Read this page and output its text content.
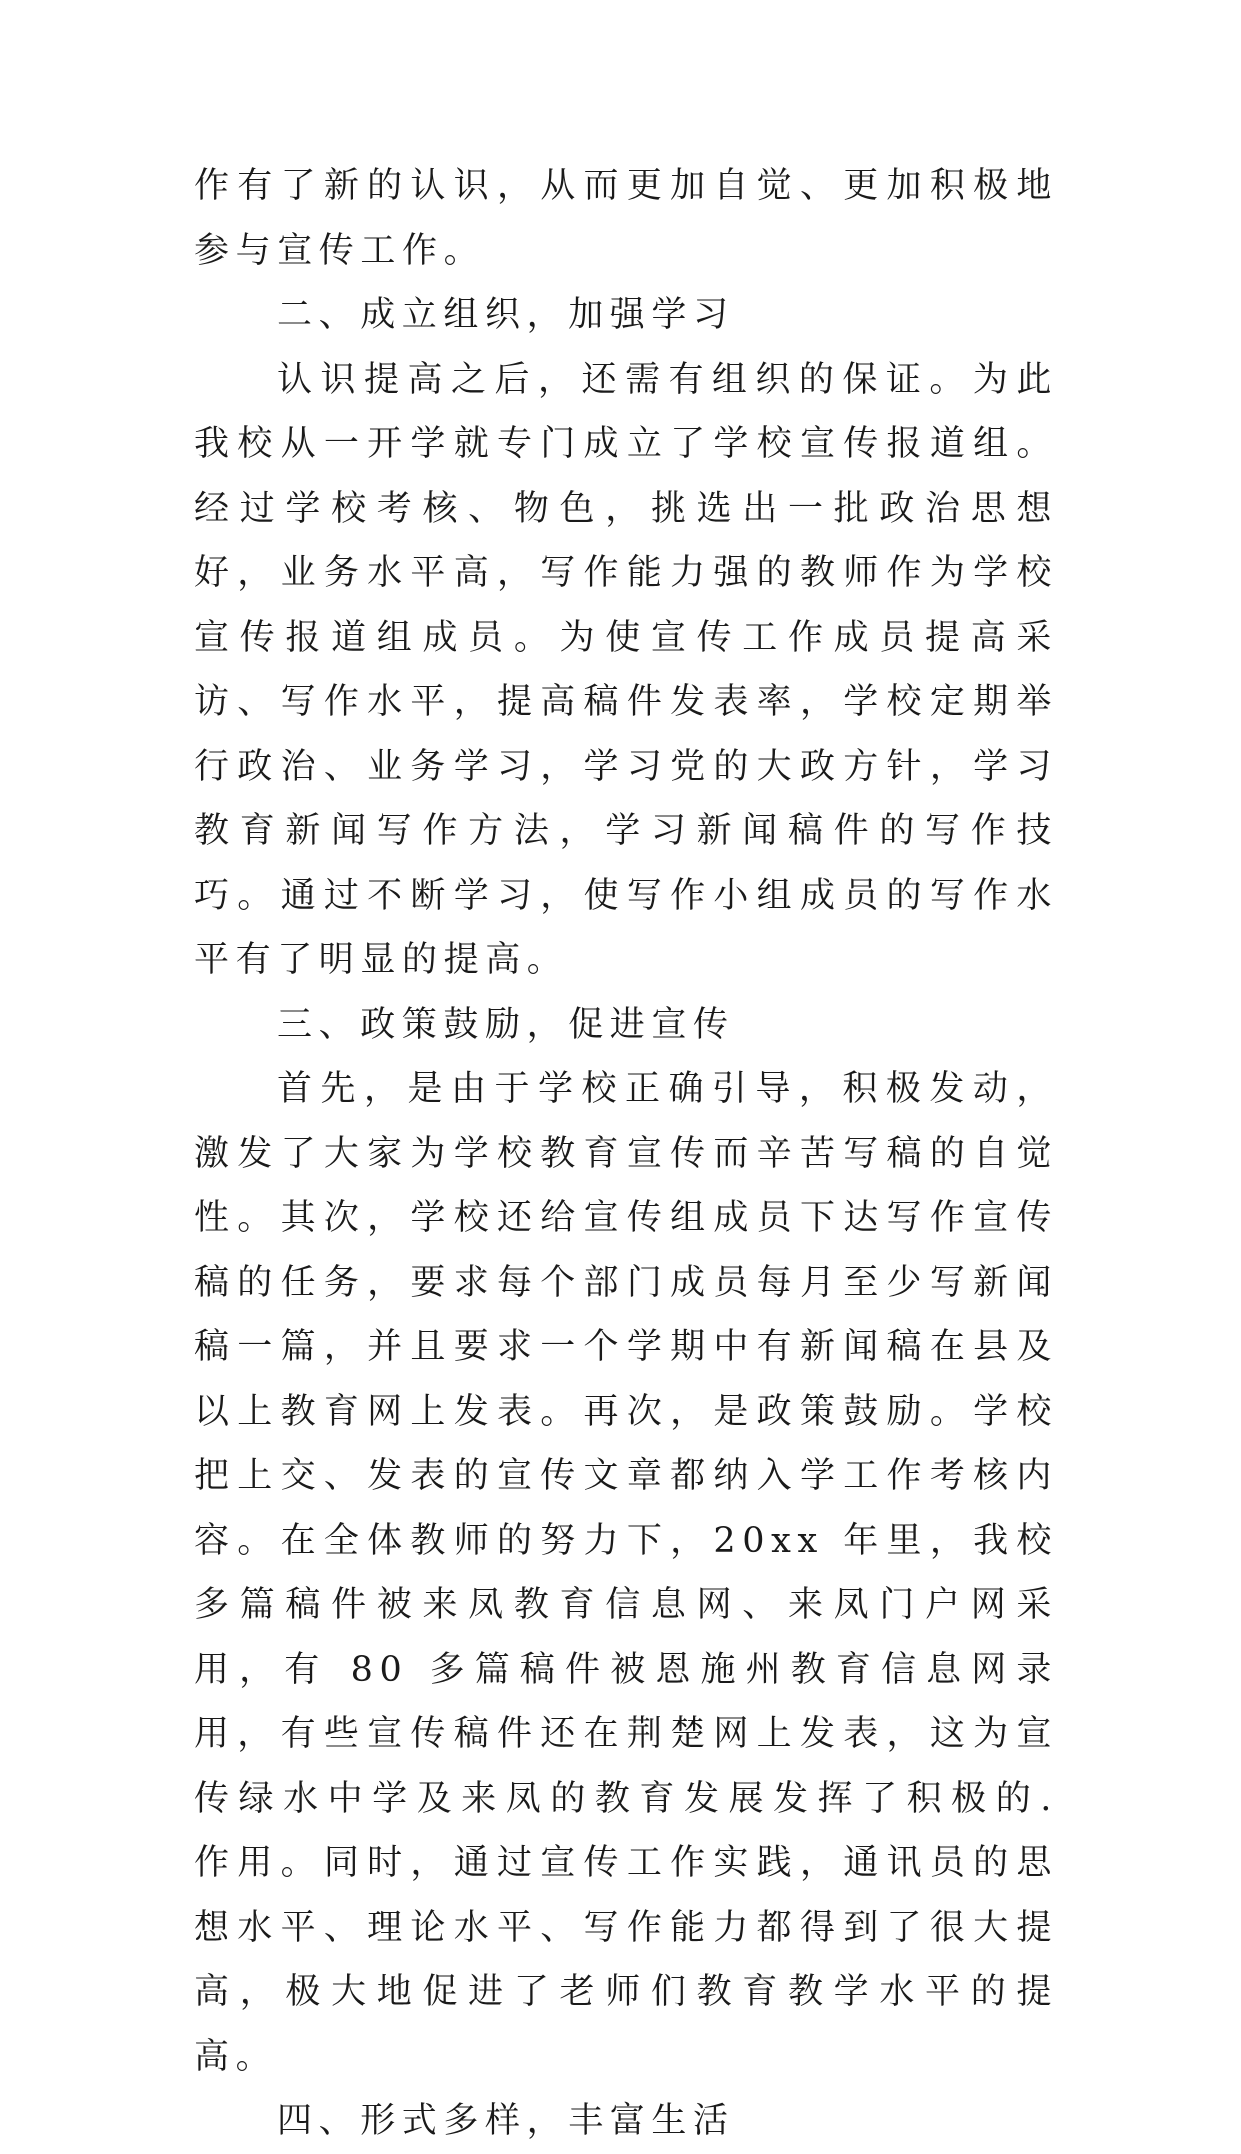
作有了新的认识，从而更加自觉、更加积极地参与宣传工作。

二、成立组织，加强学习

认识提高之后，还需有组织的保证。为此我校从一开学就专门成立了学校宣传报道组。经过学校考核、物色，挑选出一批政治思想好，业务水平高，写作能力强的教师作为学校宣传报道组成员。为使宣传工作成员提高采访、写作水平，提高稿件发表率，学校定期举行政治、业务学习，学习党的大政方针，学习教育新闻写作方法，学习新闻稿件的写作技巧。通过不断学习，使写作小组成员的写作水平有了明显的提高。

三、政策鼓励，促进宣传

首先，是由于学校正确引导，积极发动，激发了大家为学校教育宣传而辛苦写稿的自觉性。其次，学校还给宣传组成员下达写作宣传稿的任务，要求每个部门成员每月至少写新闻稿一篇，并且要求一个学期中有新闻稿在县及以上教育网上发表。再次，是政策鼓励。学校把上交、发表的宣传文章都纳入学工作考核内容。在全体教师的努力下，20xx 年里，我校多篇稿件被来凤教育信息网、来凤门户网采用，有 80 多篇稿件被恩施州教育信息网录用，有些宣传稿件还在荆楚网上发表，这为宣传绿水中学及来凤的教育发展发挥了积极的. 作用。同时，通过宣传工作实践，通讯员的思想水平、理论水平、写作能力都得到了很大提高，极大地促进了老师们教育教学水平的提高。

四、形式多样，丰富生活
